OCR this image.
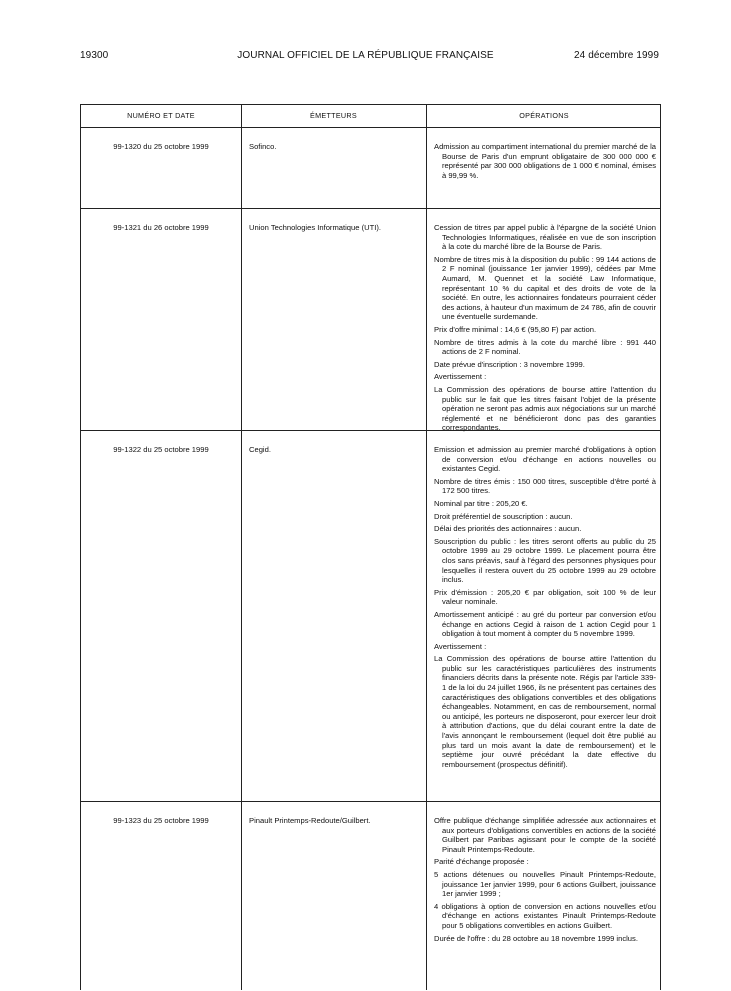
19300	JOURNAL OFFICIEL DE LA RÉPUBLIQUE FRANÇAISE	24 décembre 1999
NUMÉRO ET DATE	ÉMETTEURS	OPÉRATIONS
99-1320 du 25 octobre 1999	Sofinco.	Admission au compartiment international du premier marché de la Bourse de Paris d'un emprunt obligataire de 300 000 000 € représenté par 300 000 obligations de 1 000 € nominal, émises à 99,99 %.

99-1321 du 26 octobre 1999	Union Technologies Informatique (UTI).	Cession de titres par appel public à l'épargne de la société Union Technologies Informatiques, réalisée en vue de son inscription à la cote du marché libre de la Bourse de Paris.

Nombre de titres mis à la disposition du public : 99 144 actions de 2 F nominal (jouissance 1er janvier 1999), cédées par Mme Aumard, M. Quennet et la société Law Informatique, représentant 10 % du capital et des droits de vote de la société. En outre, les actionnaires fondateurs pourraient céder des actions, à hauteur d'un maximum de 24 786, afin de couvrir une éventuelle surdemande.

Prix d'offre minimal : 14,6 € (95,80 F) par action.

Nombre de titres admis à la cote du marché libre : 991 440 actions de 2 F nominal.

Date prévue d'inscription : 3 novembre 1999.

Avertissement :

La Commission des opérations de bourse attire l'attention du public sur le fait que les titres faisant l'objet de la présente opération ne seront pas admis aux négociations sur un marché réglementé et ne bénéficieront donc pas des garanties correspondantes.

99-1322 du 25 octobre 1999	Cegid.	Emission et admission au premier marché d'obligations à option de conversion et/ou d'échange en actions nouvelles ou existantes Cegid.

Nombre de titres émis : 150 000 titres, susceptible d'être porté à 172 500 titres.

Nominal par titre : 205,20 €.

Droit préférentiel de souscription : aucun.

Délai des priorités des actionnaires : aucun.

Souscription du public : les titres seront offerts au public du 25 octobre 1999 au 29 octobre 1999. Le placement pourra être clos sans préavis, sauf à l'égard des personnes physiques pour lesquelles il restera ouvert du 25 octobre 1999 au 29 octobre inclus.

Prix d'émission : 205,20 € par obligation, soit 100 % de leur valeur nominale.

Amortissement anticipé : au gré du porteur par conversion et/ou échange en actions Cegid à raison de 1 action Cegid pour 1 obligation à tout moment à compter du 5 novembre 1999.

Avertissement :

La Commission des opérations de bourse attire l'attention du public sur les caractéristiques particulières des instruments financiers décrits dans la présente note. Régis par l'article 339-1 de la loi du 24 juillet 1966, ils ne présentent pas certaines des caractéristiques des obligations convertibles et des obligations échangeables. Notamment, en cas de remboursement, normal ou anticipé, les porteurs ne disposeront, pour exercer leur droit à attribution d'actions, que du délai courant entre la date de l'avis annonçant le remboursement (lequel doit être publié au plus tard un mois avant la date de remboursement) et le septième jour ouvré précédant la date effective du remboursement (prospectus définitif).

99-1323 du 25 octobre 1999	Pinault Printemps-Redoute/Guilbert.	Offre publique d'échange simplifiée adressée aux actionnaires et aux porteurs d'obligations convertibles en actions de la société Guilbert par Paribas agissant pour le compte de la société Pinault Printemps-Redoute.

Parité d'échange proposée :

5 actions détenues ou nouvelles Pinault Printemps-Redoute, jouissance 1er janvier 1999, pour 6 actions Guilbert, jouissance 1er janvier 1999 ;

4 obligations à option de conversion en actions nouvelles et/ou d'échange en actions existantes Pinault Printemps-Redoute pour 5 obligations convertibles en actions Guilbert.

Durée de l'offre : du 28 octobre au 18 novembre 1999 inclus.
